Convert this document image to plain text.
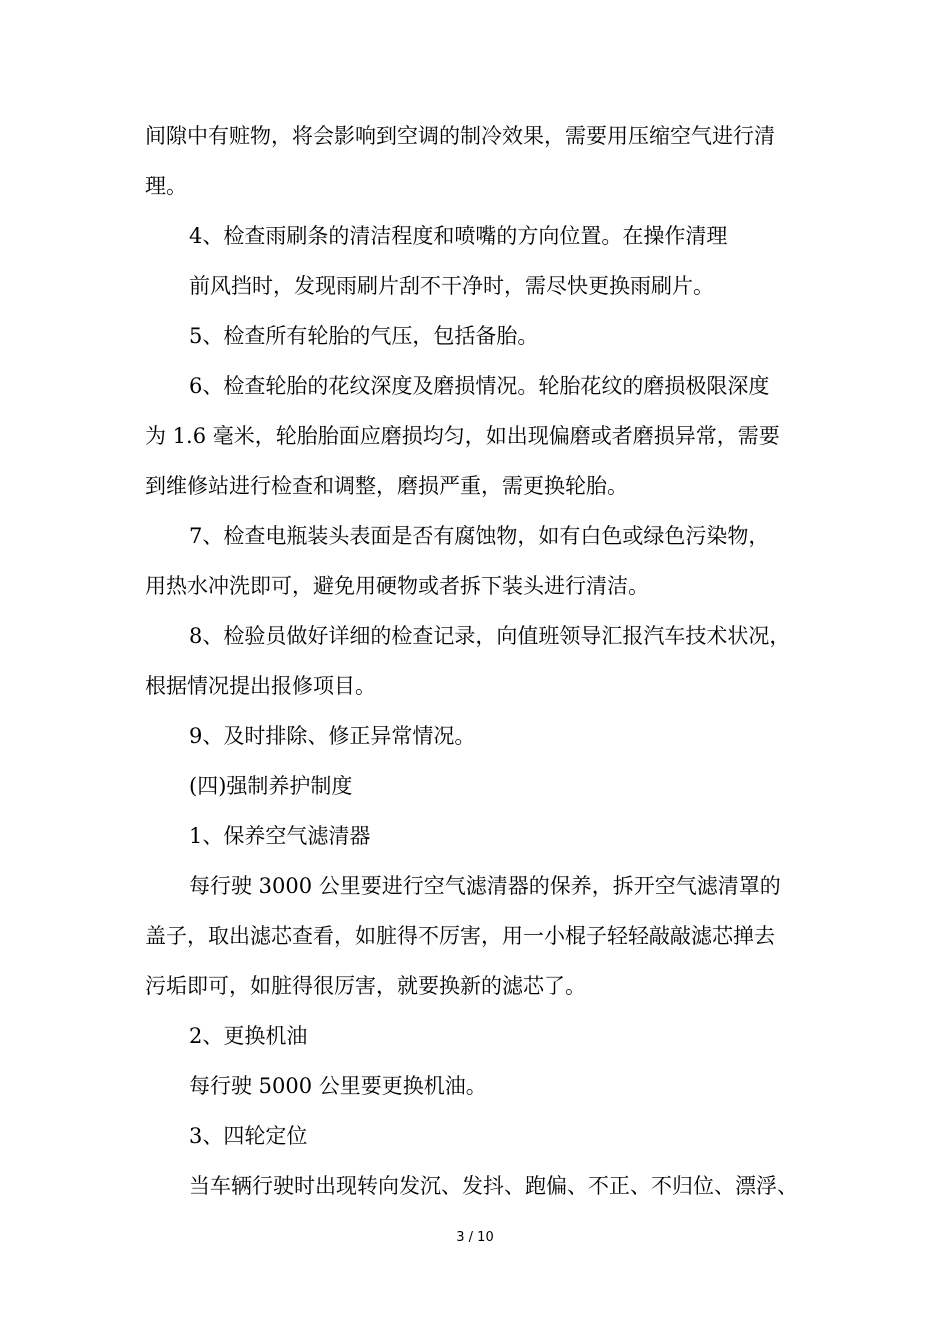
间隙中有赃物，将会影响到空调的制冷效果，需要用压缩空气进行清
理。
4、检查雨刷条的清洁程度和喷嘴的方向位置。在操作清理
前风挡时，发现雨刷片刮不干净时，需尽快更换雨刷片。
5、检查所有轮胎的气压，包括备胎。
6、检查轮胎的花纹深度及磨损情况。轮胎花纹的磨损极限深度
为 1.6 毫米，轮胎胎面应磨损均匀，如出现偏磨或者磨损异常，需要
到维修站进行检查和调整，磨损严重，需更换轮胎。
7、检查电瓶装头表面是否有腐蚀物，如有白色或绿色污染物，
用热水冲洗即可，避免用硬物或者拆下装头进行清洁。
8、检验员做好详细的检查记录，向值班领导汇报汽车技术状况，
根据情况提出报修项目。
9、及时排除、修正异常情况。
(四)强制养护制度
1、保养空气滤清器
每行驶 3000 公里要进行空气滤清器的保养，拆开空气滤清罩的
盖子，取出滤芯查看，如脏得不厉害，用一小棍子轻轻敲敲滤芯掸去
污垢即可，如脏得很厉害，就要换新的滤芯了。
2、更换机油
每行驶 5000 公里要更换机油。
3、四轮定位
当车辆行驶时出现转向发沉、发抖、跑偏、不正、不归位、漂浮、
3 / 10
